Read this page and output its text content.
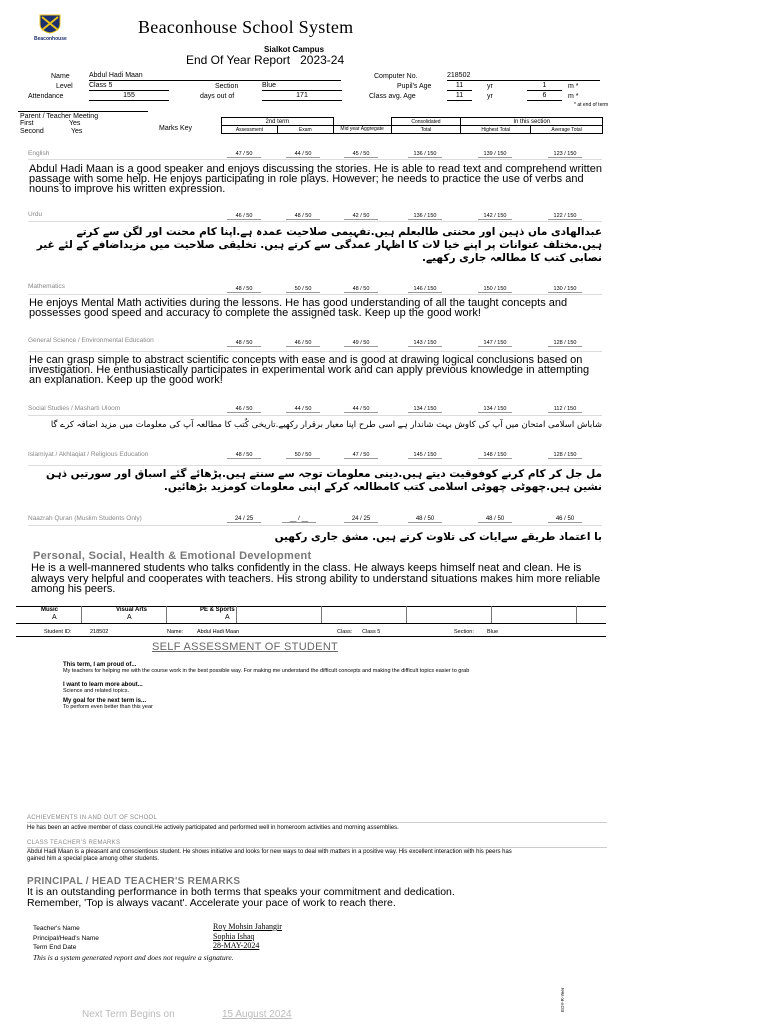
Beaconhouse
Beaconhouse School System
Sialkot Campus
End Of Year Report 2023-24
Name	Abdul Hadi Maan
Level Class 5	Section	Blue
Attendance	155	days out of	171
Computer No.	218502
Pupil's Age	11	yr	1	m *
Class avg. Age	11	yr	6	m *
* at end of term
Parent / Teacher Meeting
First	Yes
Second	Yes	Marks Key
2nd term			Consolidated	In this section	
Assessment	Exam	Mid year Aggregate	Total	Highest Total	Average Total
English	47 / 50	44 / 50	45 / 50	136 / 150	139 / 150	123 / 150
Abdul Hadi Maan is a good speaker and enjoys discussing the stories. He is able to read text and comprehend written passage with some help. He enjoys participating in role plays. However; he needs to practice the use of verbs and nouns to improve his written expression.
Urdu	46 / 50	48 / 50	42 / 50	136 / 150	142 / 150	122 / 150
عبدالھادی ماں ذہین اور محنتی طالبعلم ہیں.تفہیمی صلاحیت عمدہ ہے.اپنا کام محنت اور لگن سے کرتے ہیں.مختلف عنوانات پر اپنے خیا لات کا اظہار عمدگی سے کرتے ہیں. تخلیقی صلاحیت میں مزیداضافے کے لئے غیر نصابی کتب کا مطالعہ جاری رکھیے.
Mathematics	48 / 50	50 / 50	48 / 50	146 / 150	150 / 150	130 / 150
He enjoys Mental Math activities during the lessons. He has good understanding of all the taught concepts and possesses good speed and accuracy to complete the assigned task. Keep up the good work!
General Science / Environmental Education	48 / 50	46 / 50	49 / 50	143 / 150	147 / 150	128 / 150
He can grasp simple to abstract scientific concepts with ease and is good at drawing logical conclusions based on investigation. He enthusiastically participates in experimental work and can apply previous knowledge in attempting an explanation. Keep up the good work!
Social Studies / Masharti Uloom	46 / 50	44 / 50	44 / 50	134 / 150	134 / 150	112 / 150
شاباش اسلامی امتحان میں آپ کی کاوش بہت شاندار ہے اسی طرح اپنا معیار برقرار رکھیے.تاریخی کُتب کا مطالعہ آپ کی معلومات میں مزید اضافہ کرے گا
Islamiyat / Akhlaqiat / Religious Education	48 / 50	50 / 50	47 / 50	145 / 150	148 / 150	128 / 150
مل جل کر کام کرنے کوفوقیت دیتے ہیں.دینی معلومات توجہ سے سنتے ہیں.پڑھائے گئے اسباق اور سورتیں ذہن نشین ہیں.چھوٹی چھوٹی اسلامی کتب کامطالعہ کرکے اپنی معلومات کومزید بڑھائیں.
Naazrah Quran (Muslim Students Only)	24 / 25	__ / __	24 / 25	48 / 50	48 / 50	46 / 50
با اعتماد طریقے سےایات کی تلاوت کرتے ہیں. مشق جاری رکھیں
Personal, Social, Health & Emotional Development
He is a well-mannered students who talks confidently in the class. He always keeps himself neat and clean. He is always very helpful and cooperates with teachers. His strong ability to understand situations makes him more reliable among his peers.
Music
A
Visual Arts
A
PE & Sports
A
Student ID:	218502	Name:	Abdul Hadi Maan	Class: Class 5	Section: Blue
SELF ASSESSMENT OF STUDENT
This term, I am proud of...
My teachers for helping me with the course work in the best possible way. For making me understand the difficult concepts and making the difficult topics easier to grab
I want to learn more about...
Science and related topics.
My goal for the next term is...
To perform even better than this year
ACHIEVEMENTS IN AND OUT OF SCHOOL
He has been an active member of class council.He actively participated and performed well in homeroom activities and morning assemblies.
CLASS TEACHER'S REMARKS
Abdul Hadi Maan is a pleasant and conscientious student. He shows initiative and looks for new ways to deal with matters in a positive way. His excellent interaction with his peers has gained him a special place among other students.
PRINCIPAL / HEAD TEACHER'S REMARKS
It is an outstanding performance in both terms that speaks your commitment and dedication. Remember, 'Top is always vacant'. Accelerate your pace of work to reach there.
Teacher's Name	Roy Mohsin Jahangir
Principal/Head's Name	Sophia Ishaq
Term End Date	28-MAY-2024
This is a system generated report and does not require a signature.
Next Term Begins on	15 August 2024
EOY-R-Yeer
